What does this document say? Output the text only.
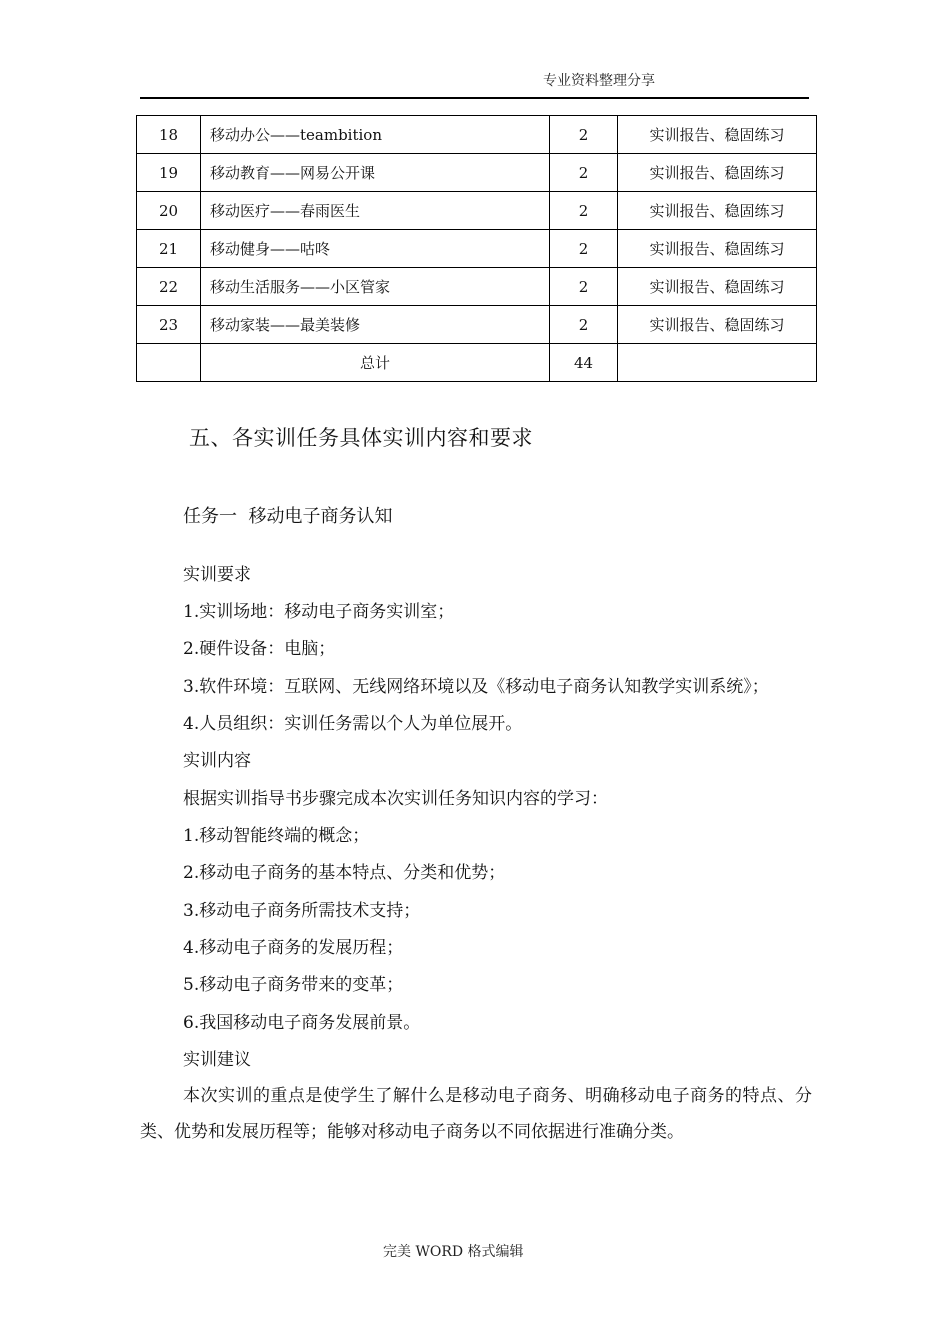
专业资料整理分享
18	移动办公——teambition	2	实训报告、稳固练习
19	移动教育——网易公开课	2	实训报告、稳固练习
20	移动医疗——春雨医生	2	实训报告、稳固练习
21	移动健身——咕咚	2	实训报告、稳固练习
22	移动生活服务——小区管家	2	实训报告、稳固练习
23	移动家装——最美装修	2	实训报告、稳固练习
	总计	44	
五、各实训任务具体实训内容和要求
任务一  移动电子商务认知
实训要求
1.实训场地：移动电子商务实训室；
2.硬件设备：电脑；
3.软件环境：互联网、无线网络环境以及《移动电子商务认知教学实训系统》；
4.人员组织：实训任务需以个人为单位展开。
实训内容
根据实训指导书步骤完成本次实训任务知识内容的学习：
1.移动智能终端的概念；
2.移动电子商务的基本特点、分类和优势；
3.移动电子商务所需技术支持；
4.移动电子商务的发展历程；
5.移动电子商务带来的变革；
6.我国移动电子商务发展前景。
实训建议
本次实训的重点是使学生了解什么是移动电子商务、明确移动电子商务的特点、分类、优势和发展历程等；能够对移动电子商务以不同依据进行准确分类。
完美 WORD 格式编辑
